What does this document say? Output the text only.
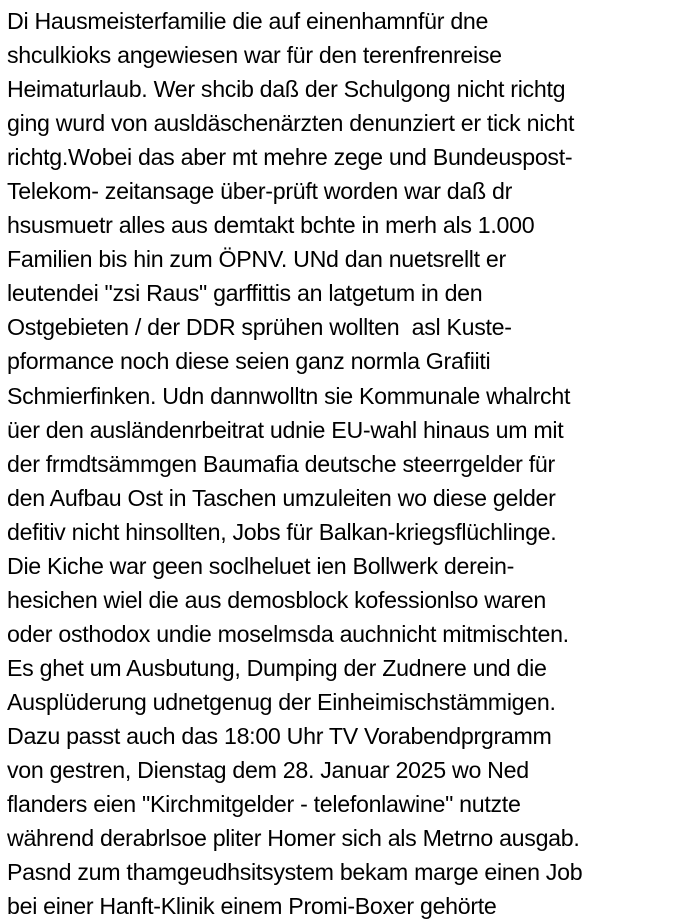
Di Hausmeisterfamilie die auf einenhamnfür dne

shculkioks angewiesen war für den terenfrenreise

Heimaturlaub. Wer shcib daß der Schulgong nicht richtg

ging wurd von ausldäschenärzten denunziert er tick nicht

richtg.Wobei das aber mt mehre zege und Bundeuspost-

Telekom- zeitansage über-prüft worden war daß dr

hsusmuetr alles aus demtakt bchte in merh als 1.000

Familien bis hin zum ÖPNV. UNd dan nuetsrellt er

leutendei "zsi Raus" garffittis an latgetum in den

Ostgebieten / der DDR sprühen wollten  asl Kuste-

pformance noch diese seien ganz normla Grafiiti

Schmierfinken. Udn dannwolltn sie Kommunale whalrcht

üer den ausländenrbeitrat udnie EU-wahl hinaus um mit

der frmdtsämmgen Baumafia deutsche steerrgelder für

den Aufbau Ost in Taschen umzuleiten wo diese gelder

defitiv nicht hinsollten, Jobs für Balkan-kriegsflüchlinge.

Die Kiche war geen soclheluet ien Bollwerk derein-

hesichen wiel die aus demosblock kofessionlso waren

oder osthodox undie moselmsda auchnicht mitmischten.

Es ghet um Ausbutung, Dumping der Zudnere und die

Ausplüderung udnetgenug der Einheimischstämmigen.

Dazu passt auch das 18:00 Uhr TV Vorabendprgramm

von gestren, Dienstag dem 28. Januar 2025 wo Ned

flanders eien "Kirchmitgelder - telefonlawine" nutzte

während derabrlsoe pliter Homer sich als Metrno ausgab.

Pasnd zum thamgeudhsitsystem bekam marge einen Job

bei einer Hanft-Klinik einem Promi-Boxer gehörte
